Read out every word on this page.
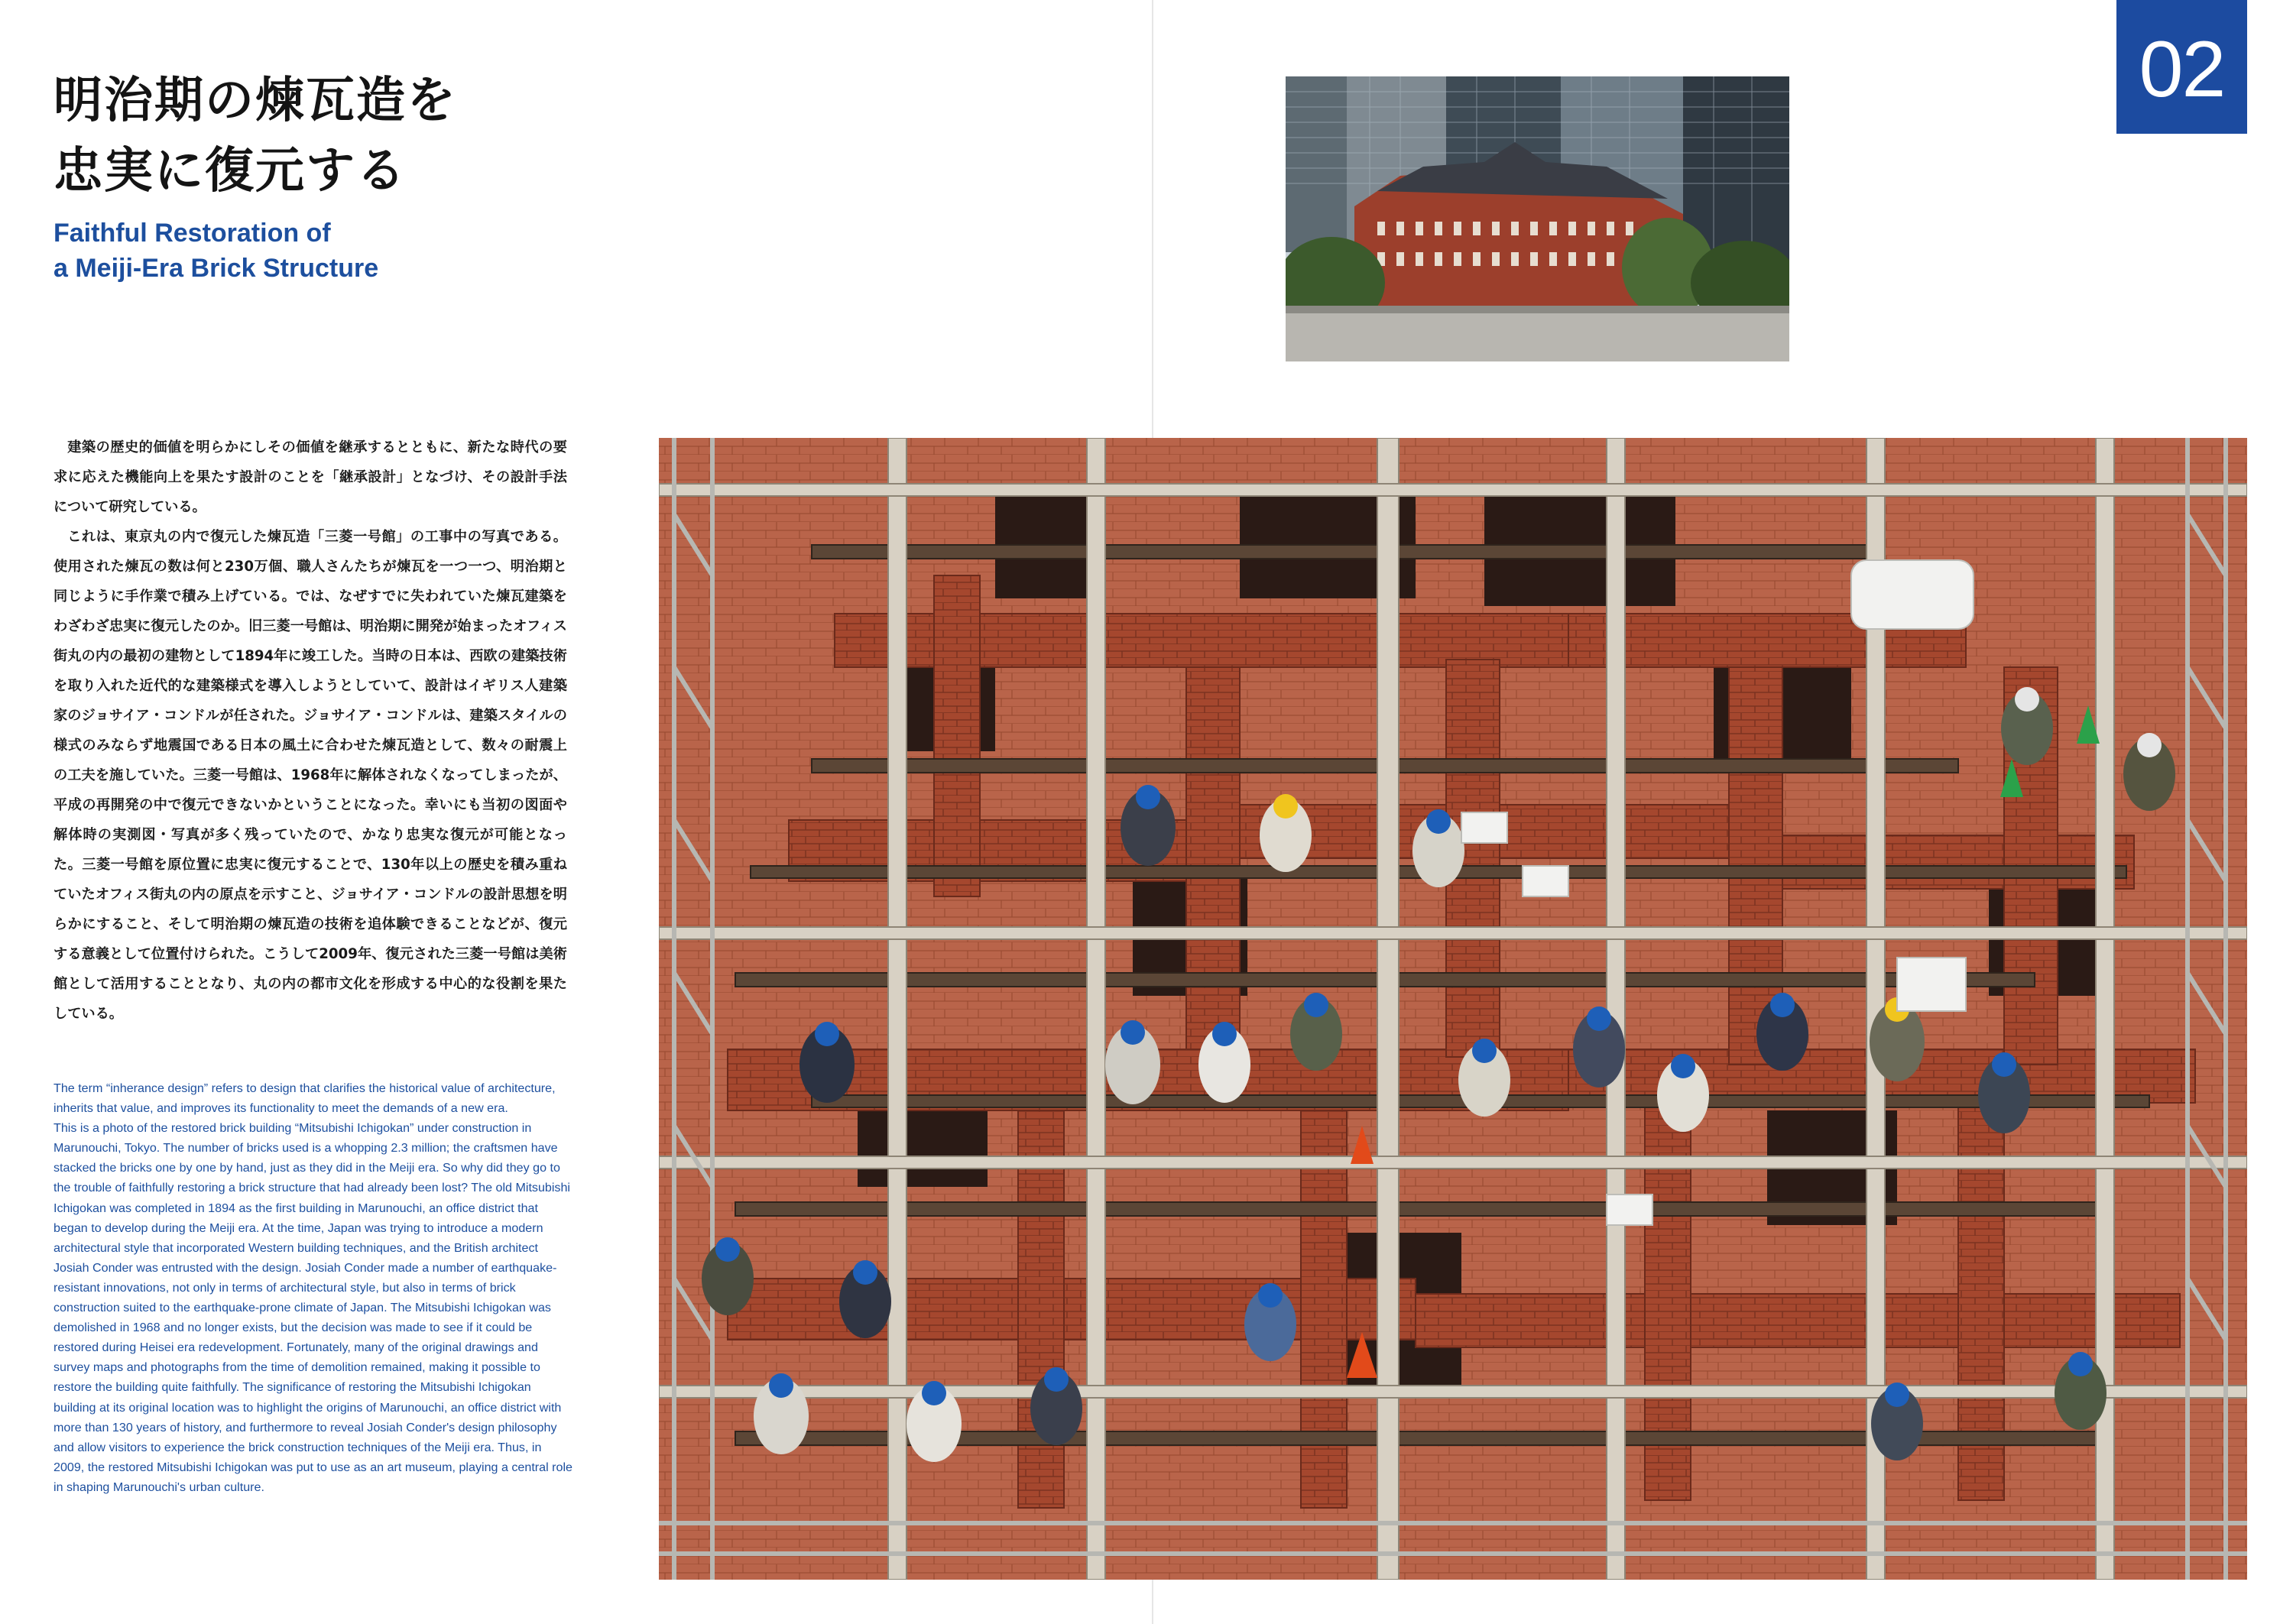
明治期の煉瓦造を
忠実に復元する
Faithful Restoration of
a Meiji-Era Brick Structure

建築の歴史的価値を明らかにしその価値を継承するとともに、新たな時代の要求に応えた機能向上を果たす設計のことを「継承設計」となづけ、その設計手法について研究している。

これは、東京丸の内で復元した煉瓦造「三菱一号館」の工事中の写真である。使用された煉瓦の数は何と230万個、職人さんたちが煉瓦を一つ一つ、明治期と同じように手作業で積み上げている。では、なぜすでに失われていた煉瓦建築をわざわざ忠実に復元したのか。旧三菱一号館は、明治期に開発が始まったオフィス街丸の内の最初の建物として1894年に竣工した。当時の日本は、西欧の建築技術を取り入れた近代的な建築様式を導入しようとしていて、設計はイギリス人建築家のジョサイア・コンドルが任された。ジョサイア・コンドルは、建築スタイルの様式のみならず地震国である日本の風土に合わせた煉瓦造として、数々の耐震上の工夫を施していた。三菱一号館は、1968年に解体されなくなってしまったが、平成の再開発の中で復元できないかということになった。幸いにも当初の図面や解体時の実測図・写真が多く残っていたので、かなり忠実な復元が可能となった。三菱一号館を原位置に忠実に復元することで、130年以上の歴史を積み重ねていたオフィス街丸の内の原点を示すこと、ジョサイア・コンドルの設計思想を明らかにすること、そして明治期の煉瓦造の技術を追体験できることなどが、復元する意義として位置付けられた。こうして2009年、復元された三菱一号館は美術館として活用することとなり、丸の内の都市文化を形成する中心的な役割を果たしている。

The term “inherance design” refers to design that clarifies the historical value of architecture, inherits that value, and improves its functionality to meet the demands of a new era.

This is a photo of the restored brick building “Mitsubishi Ichigokan” under construction in Marunouchi, Tokyo. The number of bricks used is a whopping 2.3 million; the craftsmen have stacked the bricks one by one by hand, just as they did in the Meiji era. So why did they go to the trouble of faithfully restoring a brick structure that had already been lost? The old Mitsubishi Ichigokan was completed in 1894 as the first building in Marunouchi, an office district that began to develop during the Meiji era. At the time, Japan was trying to introduce a modern architectural style that incorporated Western building techniques, and the British architect Josiah Conder was entrusted with the design. Josiah Conder made a number of earthquake-resistant innovations, not only in terms of architectural style, but also in terms of brick construction suited to the earthquake-prone climate of Japan. The Mitsubishi Ichigokan was demolished in 1968 and no longer exists, but the decision was made to see if it could be restored during Heisei era redevelopment. Fortunately, many of the original drawings and survey maps and photographs from the time of demolition remained, making it possible to restore the building quite faithfully. The significance of restoring the Mitsubishi Ichigokan building at its original location was to highlight the origins of Marunouchi, an office district with more than 130 years of history, and furthermore to reveal Josiah Conder's design philosophy and allow visitors to experience the brick construction techniques of the Meiji era. Thus, in 2009, the restored Mitsubishi Ichigokan was put to use as an art museum, playing a central role in shaping Marunouchi's urban culture.

02
